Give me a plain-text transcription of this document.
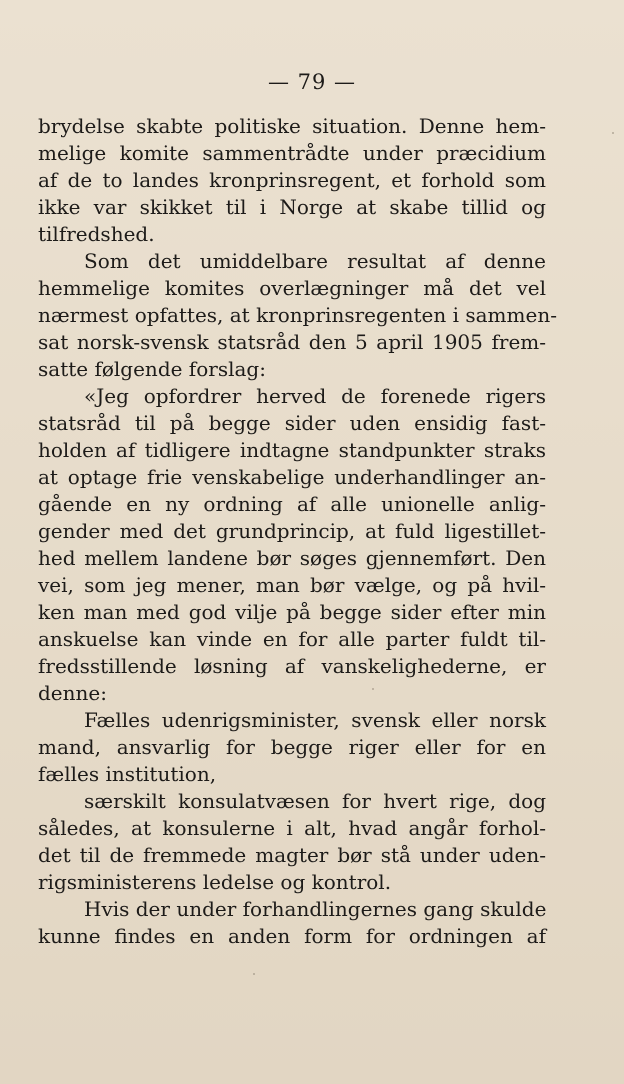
— 79 —
brydelse skabte politiske situation. Denne hem-
melige komite sammentrådte under præcidium
af de to landes kronprinsregent, et forhold som
ikke var skikket til i Norge at skabe tillid og
tilfredshed.
Som det umiddelbare resultat af denne
hemmelige komites overlægninger må det vel
nærmest opfattes, at kronprinsregenten i sammen-
sat norsk-svensk statsråd den 5 april 1905 frem-
satte følgende forslag:
«Jeg opfordrer herved de forenede rigers
statsråd til på begge sider uden ensidig fast-
holden af tidligere indtagne standpunkter straks
at optage frie venskabelige underhandlinger an-
gående en ny ordning af alle unionelle anlig-
gender med det grundprincip, at fuld ligestillet-
hed mellem landene bør søges gjennemført. Den
vei, som jeg mener, man bør vælge, og på hvil-
ken man med god vilje på begge sider efter min
anskuelse kan vinde en for alle parter fuldt til-
fredsstillende løsning af vanskelighederne, er
denne:
Fælles udenrigsminister, svensk eller norsk
mand, ansvarlig for begge riger eller for en
fælles institution,
særskilt konsulatvæsen for hvert rige, dog
således, at konsulerne i alt, hvad angår forhol-
det til de fremmede magter bør stå under uden-
rigsministerens ledelse og kontrol.
Hvis der under forhandlingernes gang skulde
kunne findes en anden form for ordningen af
